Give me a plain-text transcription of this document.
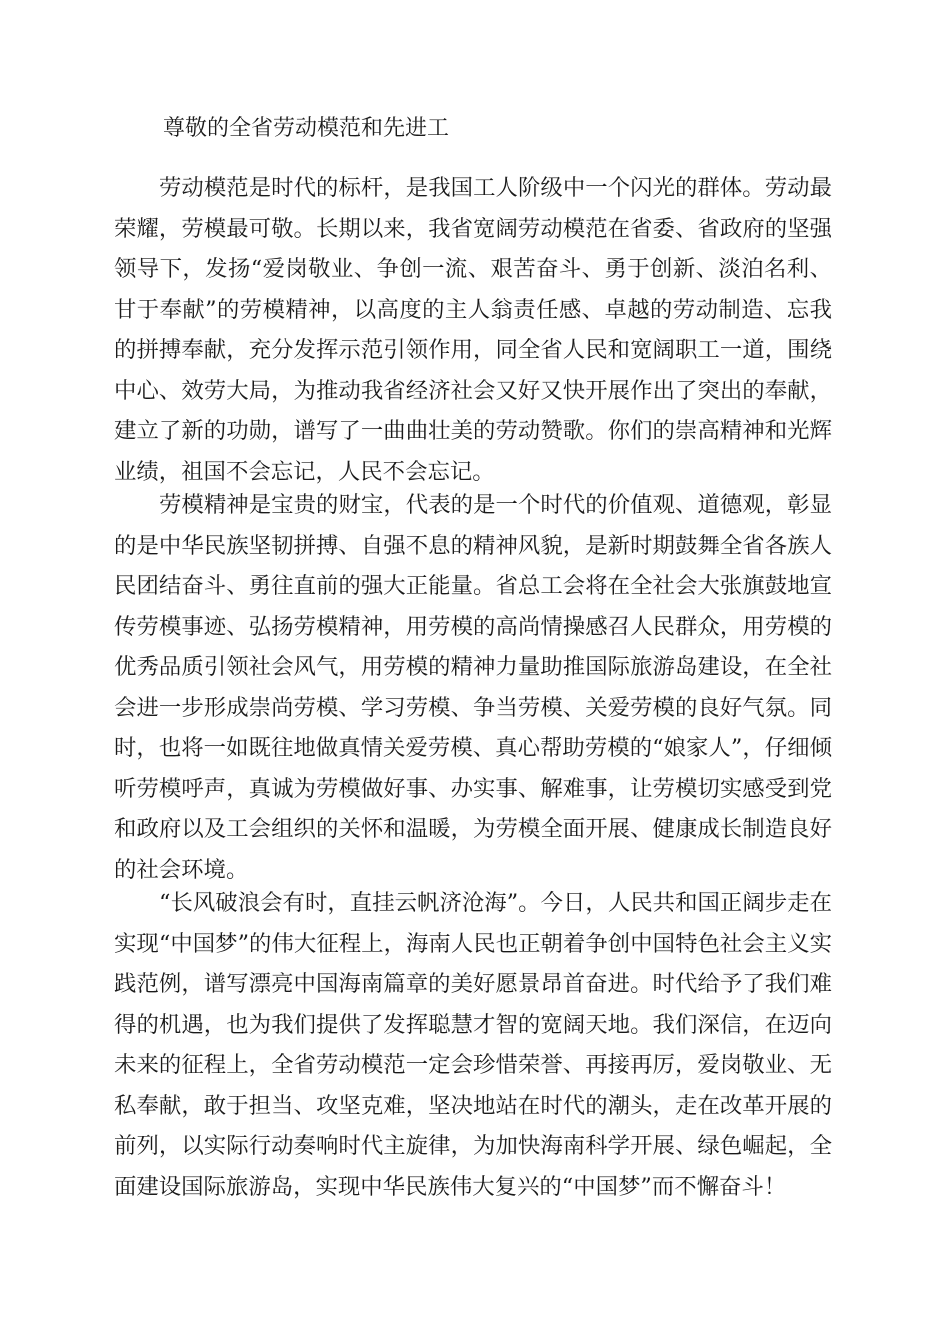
尊敬的全省劳动模范和先进工

劳动模范是时代的标杆，是我国工人阶级中一个闪光的群体。劳动最荣耀，劳模最可敬。长期以来，我省宽阔劳动模范在省委、省政府的坚强领导下，发扬“爱岗敬业、争创一流、艰苦奋斗、勇于创新、淡泊名利、甘于奉献”的劳模精神，以高度的主人翁责任感、卓越的劳动制造、忘我的拼搏奉献，充分发挥示范引领作用，同全省人民和宽阔职工一道，围绕中心、效劳大局，为推动我省经济社会又好又快开展作出了突出的奉献，建立了新的功勋，谱写了一曲曲壮美的劳动赞歌。你们的崇高精神和光辉业绩，祖国不会忘记，人民不会忘记。

劳模精神是宝贵的财宝，代表的是一个时代的价值观、道德观，彰显的是中华民族坚韧拼搏、自强不息的精神风貌，是新时期鼓舞全省各族人民团结奋斗、勇往直前的强大正能量。省总工会将在全社会大张旗鼓地宣传劳模事迹、弘扬劳模精神，用劳模的高尚情操感召人民群众，用劳模的优秀品质引领社会风气，用劳模的精神力量助推国际旅游岛建设，在全社会进一步形成崇尚劳模、学习劳模、争当劳模、关爱劳模的良好气氛。同时，也将一如既往地做真情关爱劳模、真心帮助劳模的“娘家人”，仔细倾听劳模呼声，真诚为劳模做好事、办实事、解难事，让劳模切实感受到党和政府以及工会组织的关怀和温暖，为劳模全面开展、健康成长制造良好的社会环境。

“长风破浪会有时，直挂云帆济沧海”。今日，人民共和国正阔步走在实现“中国梦”的伟大征程上，海南人民也正朝着争创中国特色社会主义实践范例，谱写漂亮中国海南篇章的美好愿景昂首奋进。时代给予了我们难得的机遇，也为我们提供了发挥聪慧才智的宽阔天地。我们深信，在迈向未来的征程上，全省劳动模范一定会珍惜荣誉、再接再厉，爱岗敬业、无私奉献，敢于担当、攻坚克难，坚决地站在时代的潮头，走在改革开展的前列，以实际行动奏响时代主旋律，为加快海南科学开展、绿色崛起，全面建设国际旅游岛，实现中华民族伟大复兴的“中国梦”而不懈奋斗！
